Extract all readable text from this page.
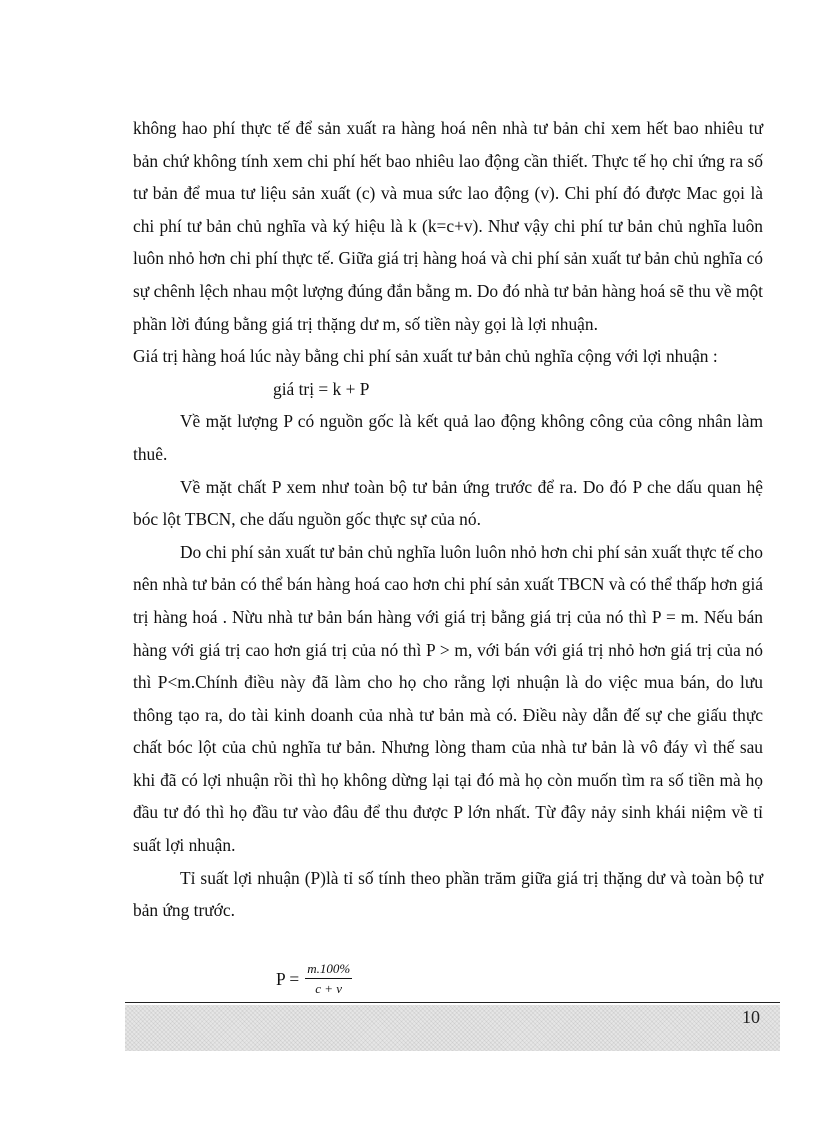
không hao phí thực tế để sản xuất ra hàng hoá nên nhà tư bản chỉ xem hết bao nhiêu tư bản chứ không tính xem chi phí hết bao nhiêu lao động cần thiết. Thực tế họ chỉ ứng ra số tư bản để mua tư liệu sản xuất (c) và mua sức lao động (v). Chi phí đó được Mac gọi là chi phí tư bản chủ nghĩa và ký hiệu là k (k=c+v). Như vậy chi phí tư bản chủ nghĩa luôn luôn nhỏ hơn chi phí thực tế. Giữa giá trị hàng hoá và chi phí sản xuất tư bản chủ nghĩa có sự chênh lệch nhau một lượng đúng đắn bằng m. Do đó nhà tư bản hàng hoá sẽ thu về một phần lời đúng bằng giá trị thặng dư m, số tiền này gọi là lợi nhuận.

Giá trị hàng hoá lúc này bằng chi phí sản xuất tư bản chủ nghĩa cộng với lợi nhuận :

giá trị = k + P

Về mặt lượng P có nguồn gốc là kết quả lao động không công của công nhân làm thuê.

Về mặt chất P xem như toàn bộ tư bản ứng trước để ra. Do đó P che dấu quan hệ bóc lột TBCN, che dấu nguồn gốc thực sự của nó.

Do chi phí sản xuất tư bản chủ nghĩa luôn luôn nhỏ hơn chi phí sản xuất thực tế cho nên nhà tư bản có thể bán hàng hoá cao hơn chi phí sản xuất TBCN và có thể thấp hơn giá trị hàng hoá . Nừu nhà tư bản bán hàng với giá trị bằng giá trị của nó thì P = m. Nếu bán hàng với giá trị cao hơn giá trị của nó thì P > m, với bán với giá trị nhỏ hơn giá trị của nó thì P<m.Chính điều này đã làm cho họ cho rằng lợi nhuận là do việc mua bán, do lưu thông tạo ra, do tài kinh doanh của nhà tư bản mà có. Điều này dẫn đế sự che giấu thực chất bóc lột của chủ nghĩa tư bản. Nhưng lòng tham của nhà tư bản là vô đáy vì thế sau khi đã có lợi nhuận rồi thì họ không dừng lại tại đó mà họ còn muốn tìm ra số tiền mà họ đầu tư đó thì họ đầu tư vào đâu để thu được P lớn nhất. Từ đây nảy sinh khái niệm về tỉ suất lợi nhuận.

Tỉ suất lợi nhuận (P)là tỉ số tính theo phần trăm giữa giá trị thặng dư và toàn bộ tư bản ứng trước.

$P = \frac{m.100\%}{c + v}$
10
